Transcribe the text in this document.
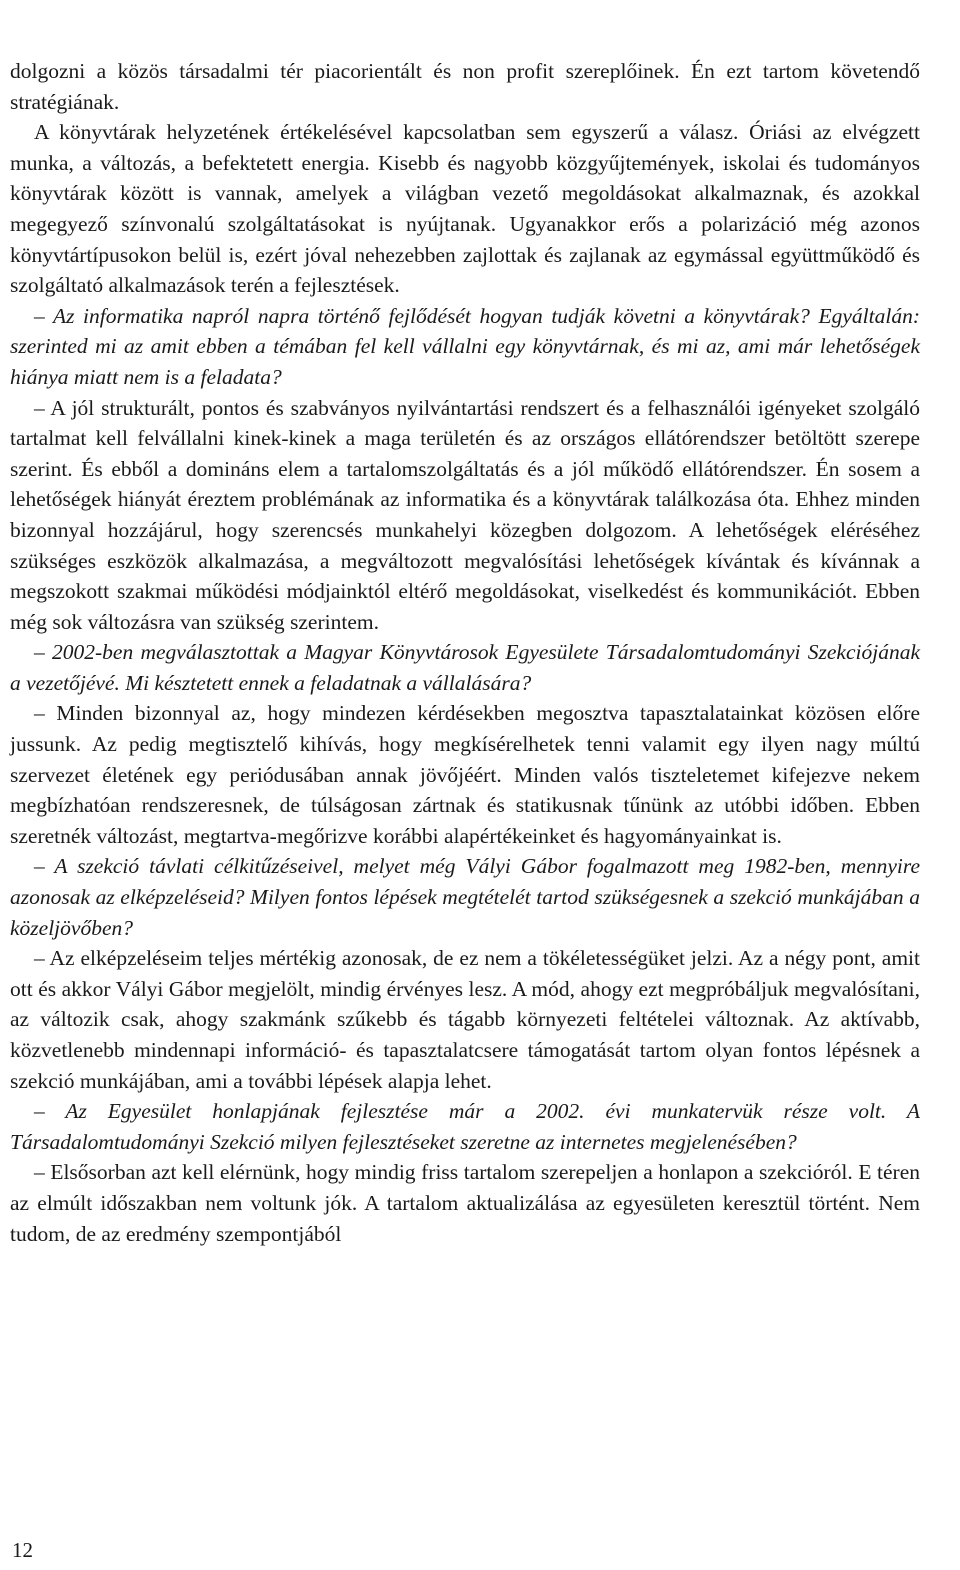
dolgozni a közös társadalmi tér piacorientált és non profit szereplőinek. Én ezt tartom követendő stratégiának.

A könyvtárak helyzetének értékelésével kapcsolatban sem egyszerű a válasz. Óriási az elvégzett munka, a változás, a befektetett energia. Kisebb és nagyobb közgyűjtemények, iskolai és tudományos könyvtárak között is vannak, amelyek a világban vezető megoldásokat alkalmaznak, és azokkal megegyező színvonalú szolgáltatásokat is nyújtanak. Ugyanakkor erős a polarizáció még azonos könyvtártípusokon belül is, ezért jóval nehezebben zajlottak és zajlanak az egymással együttműködő és szolgáltató alkalmazások terén a fejlesztések.

– Az informatika napról napra történő fejlődését hogyan tudják követni a könyvtárak? Egyáltalán: szerinted mi az amit ebben a témában fel kell vállalni egy könyvtárnak, és mi az, ami már lehetőségek hiánya miatt nem is a feladata?

– A jól strukturált, pontos és szabványos nyilvántartási rendszert és a felhasználói igényeket szolgáló tartalmat kell felvállalni kinek-kinek a maga területén és az országos ellátórendszer betöltött szerepe szerint. És ebből a domináns elem a tartalomszolgáltatás és a jól működő ellátórendszer. Én sosem a lehetőségek hiányát éreztem problémának az informatika és a könyvtárak találkozása óta. Ehhez minden bizonnyal hozzájárul, hogy szerencsés munkahelyi közegben dolgozom. A lehetőségek eléréséhez szükséges eszközök alkalmazása, a megváltozott megvalósítási lehetőségek kívántak és kívánnak a megszokott szakmai működési módjainktól eltérő megoldásokat, viselkedést és kommunikációt. Ebben még sok változásra van szükség szerintem.

– 2002-ben megválasztottak a Magyar Könyvtárosok Egyesülete Társadalomtudományi Szekciójának a vezetőjévé. Mi késztetett ennek a feladatnak a vállalására?

– Minden bizonnyal az, hogy mindezen kérdésekben megosztva tapasztalatainkat közösen előre jussunk. Az pedig megtisztelő kihívás, hogy megkísérelhetek tenni valamit egy ilyen nagy múltú szervezet életének egy periódusában annak jövőjéért. Minden valós tiszteletemet kifejezve nekem megbízhatóan rendszeresnek, de túlságosan zártnak és statikusnak tűnünk az utóbbi időben. Ebben szeretnék változást, megtartva-megőrizve korábbi alapértékeinket és hagyományainkat is.

– A szekció távlati célkitűzéseivel, melyet még Vályi Gábor fogalmazott meg 1982-ben, mennyire azonosak az elképzeléseid? Milyen fontos lépések megtételét tartod szükségesnek a szekció munkájában a közeljövőben?

– Az elképzeléseim teljes mértékig azonosak, de ez nem a tökéletességüket jelzi. Az a négy pont, amit ott és akkor Vályi Gábor megjelölt, mindig érvényes lesz. A mód, ahogy ezt megpróbáljuk megvalósítani, az változik csak, ahogy szakmánk szűkebb és tágabb környezeti feltételei változnak. Az aktívabb, közvetlenebb mindennapi információ- és tapasztalatcsere támogatását tartom olyan fontos lépésnek a szekció munkájában, ami a további lépések alapja lehet.

– Az Egyesület honlapjának fejlesztése már a 2002. évi munkatervük része volt. A Társadalomtudományi Szekció milyen fejlesztéseket szeretne az internetes megjelenésében?

– Elsősorban azt kell elérnünk, hogy mindig friss tartalom szerepeljen a honlapon a szekcióról. E téren az elmúlt időszakban nem voltunk jók. A tartalom aktualizálása az egyesületen keresztül történt. Nem tudom, de az eredmény szempontjából

12
